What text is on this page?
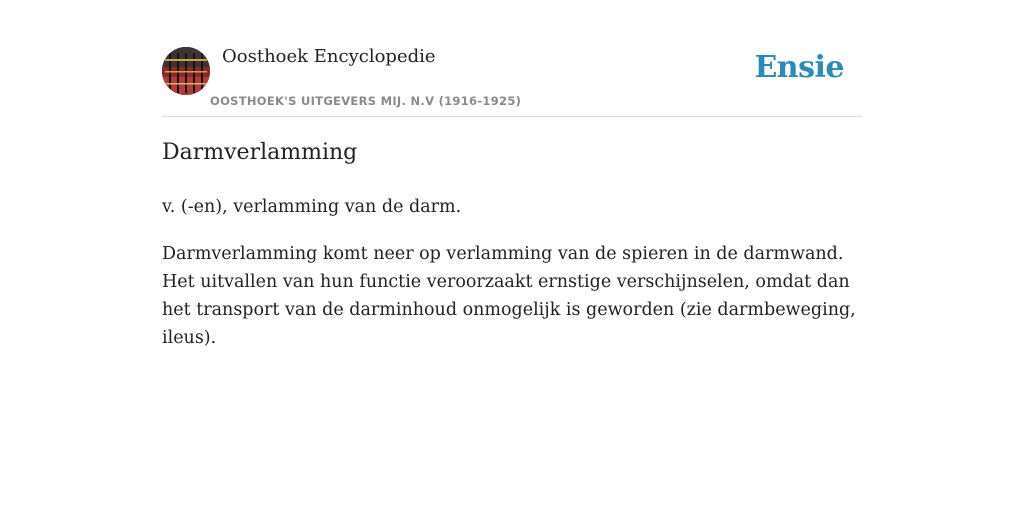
Oosthoek Encyclopedie
OOSTHOEK'S UITGEVERS MIJ. N.V (1916-1925)
Ensie
Darmverlamming

v. (-en), verlamming van de darm.

Darmverlamming komt neer op verlamming van de spieren in de darmwand. Het uitvallen van hun functie veroorzaakt ernstige verschijnselen, omdat dan het transport van de darminhoud onmogelijk is geworden (zie darmbeweging, ileus).
